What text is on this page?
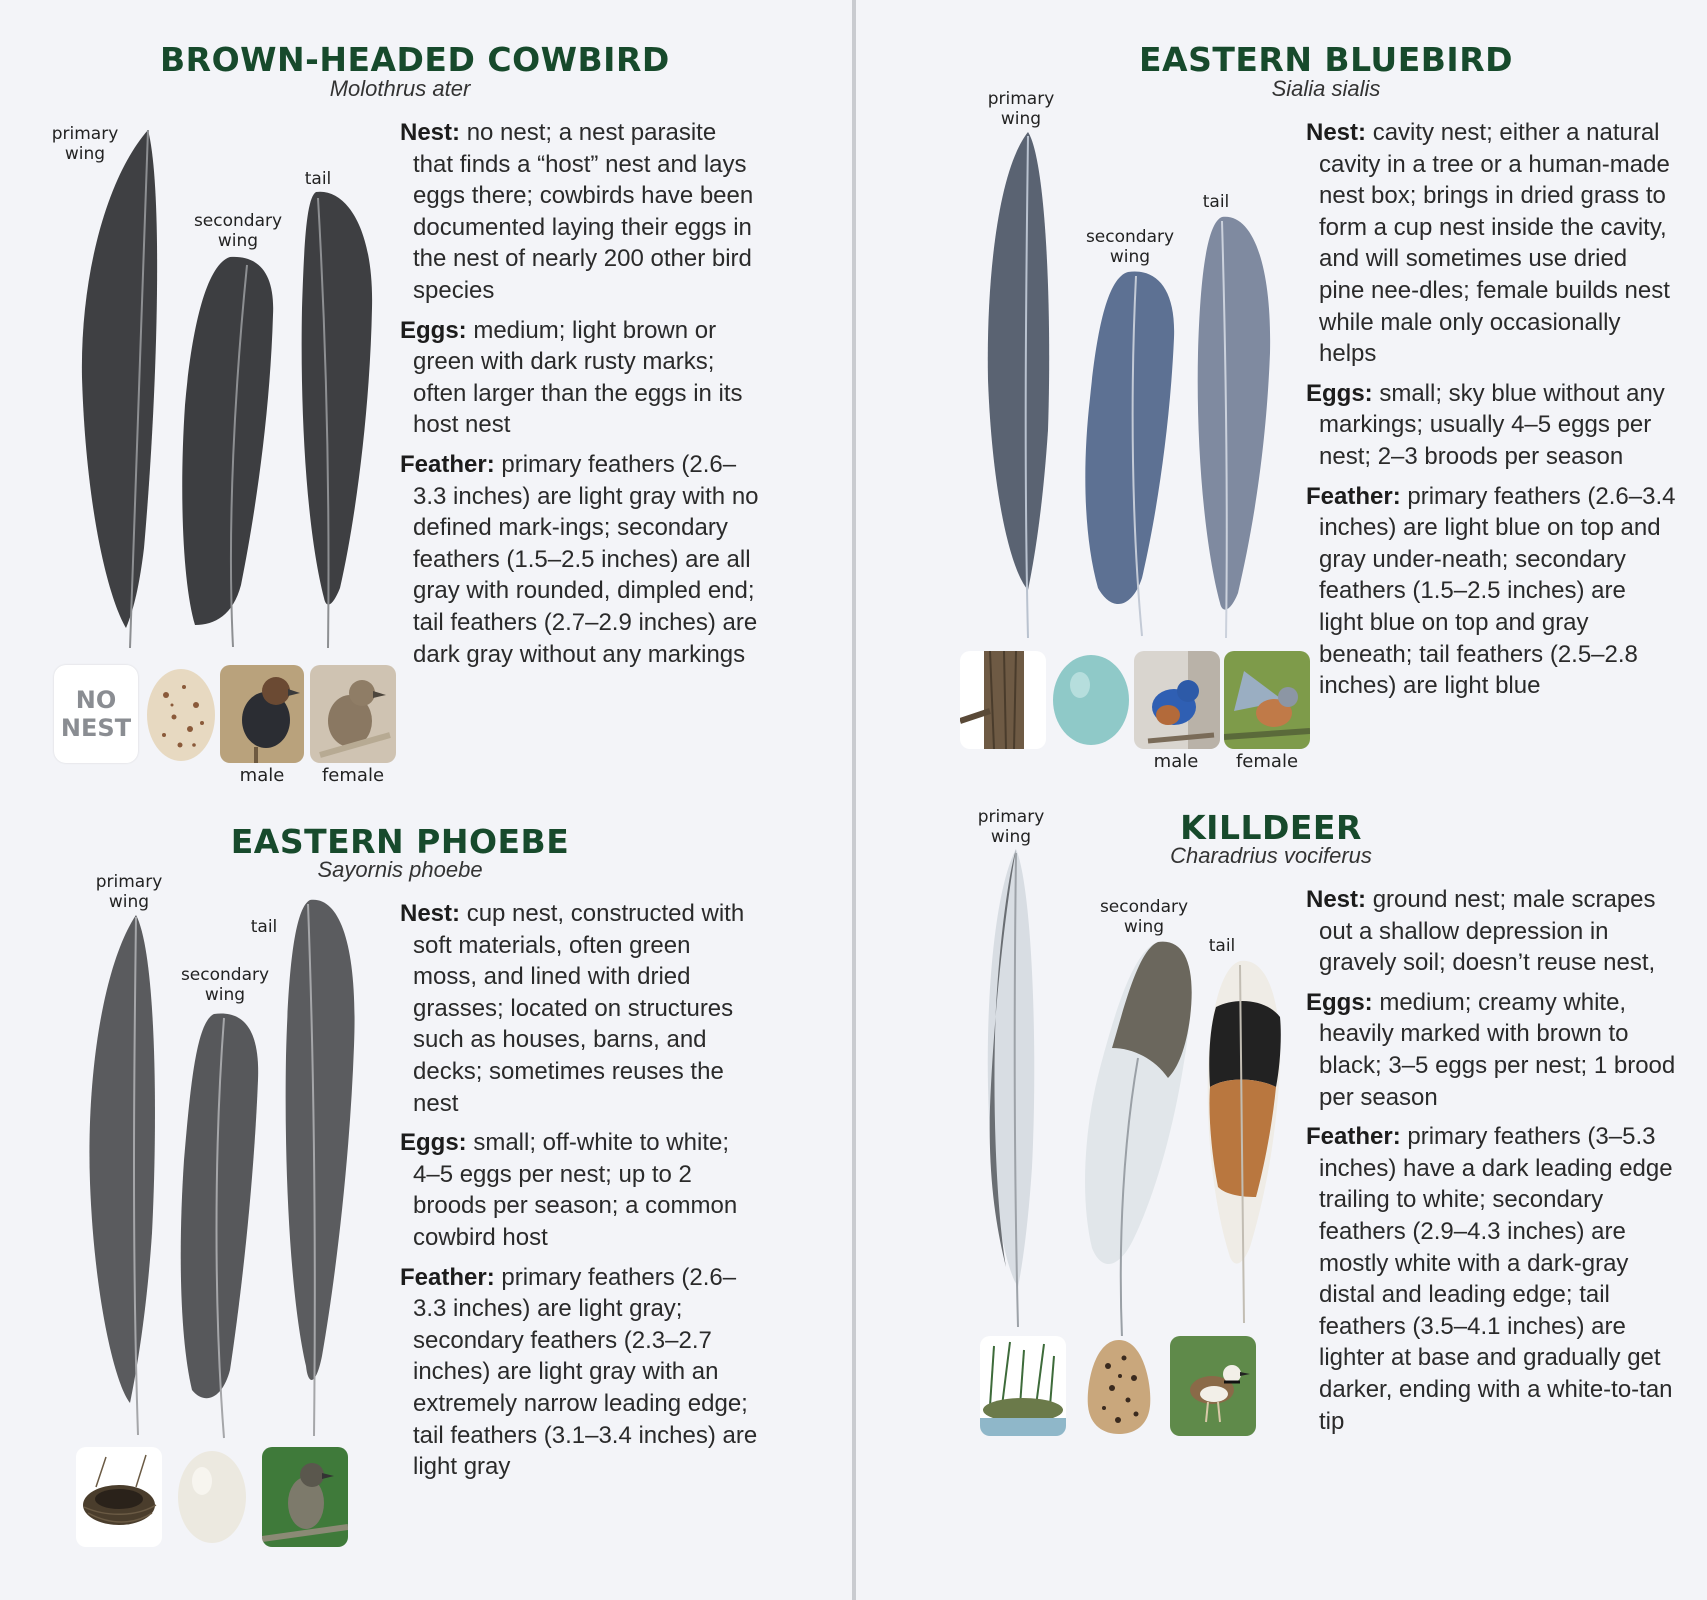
BROWN-HEADED COWBIRD
Molothrus ater
primary
wing
secondary
wing
tail
NO
NEST
male	female

Nest: no nest; a nest parasite that finds a “host” nest and lays eggs there; cowbirds have been documented laying their eggs in the nest of nearly 200 other bird species

Eggs: medium; light brown or green with dark rusty marks; often larger than the eggs in its host nest

Feather: primary feathers (2.6–3.3 inches) are light gray with no defined mark-ings; secondary feathers (1.5–2.5 inches) are all gray with rounded, dimpled end; tail feathers (2.7–2.9 inches) are dark gray without any markings

EASTERN PHOEBE
Sayornis phoebe
primary
wing
secondary
wing
tail	Nest: cup nest, constructed with soft materials, often green moss, and lined with dried grasses; located on structures such as houses, barns, and decks; sometimes reuses the nest

Eggs: small; off-white to white; 4–5 eggs per nest; up to 2 broods per season; a common cowbird host

Feather: primary feathers (2.6–3.3 inches) are light gray; secondary feathers (2.3–2.7 inches) are light gray with an extremely narrow leading edge; tail feathers (3.1–3.4 inches) are light gray

EASTERN BLUEBIRD
Sialia sialis
primary
wing
secondary
wing
tail
male	female

Nest: cavity nest; either a natural cavity in a tree or a human-made nest box; brings in dried grass to form a cup nest inside the cavity, and will sometimes use dried pine nee-dles; female builds nest while male only occasionally helps

Eggs: small; sky blue without any markings; usually 4–5 eggs per nest; 2–3 broods per season

Feather: primary feathers (2.6–3.4 inches) are light blue on top and gray under-neath; secondary feathers (1.5–2.5 inches) are light blue on top and gray beneath; tail feathers (2.5–2.8 inches) are light blue

KILLDEER
Charadrius vociferus
primary
wing
secondary
wing
tail

Nest: ground nest; male scrapes out a shallow depression in gravely soil; doesn’t reuse nest,

Eggs: medium; creamy white, heavily marked with brown to black; 3–5 eggs per nest; 1 brood per season

Feather: primary feathers (3–5.3 inches) have a dark leading edge trailing to white; secondary feathers (2.9–4.3 inches) are mostly white with a dark-gray distal and leading edge; tail feathers (3.5–4.1 inches) are lighter at base and gradually get darker, ending with a white-to-tan tip
